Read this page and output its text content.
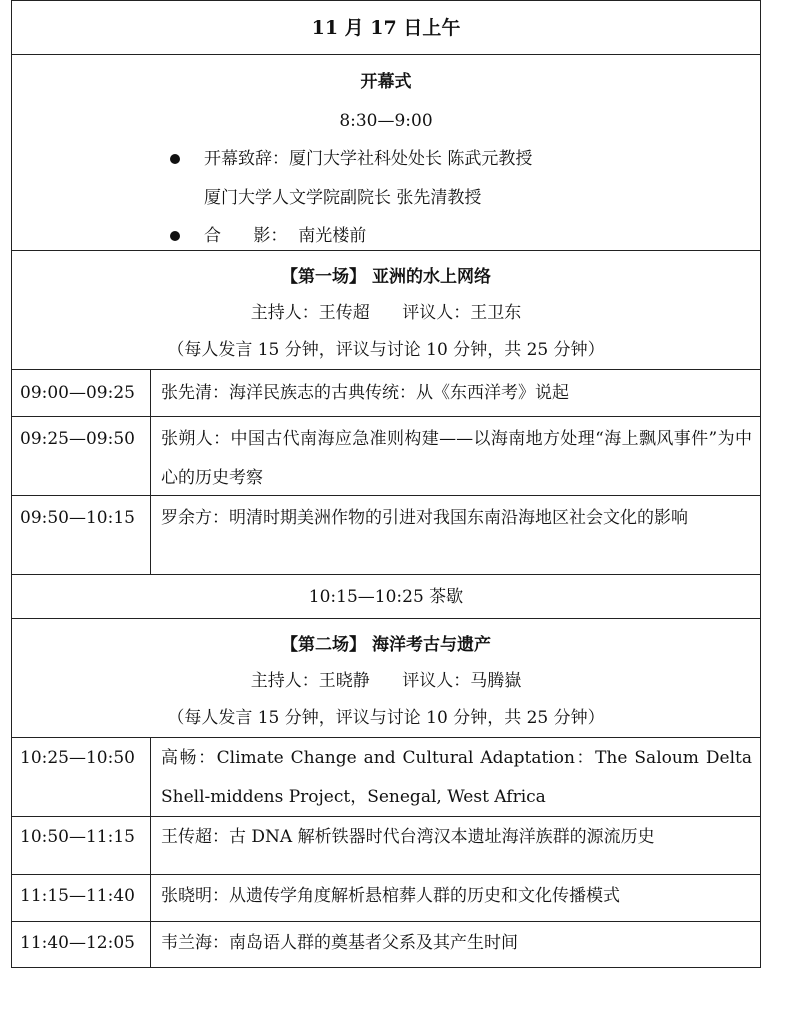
11 月 17 日上午
开幕式
8:30—9:00
开幕致辞：厦门大学社科处处长 陈武元教授
厦门大学人文学院副院长 张先清教授
合      影：  南光楼前
【第一场】 亚洲的水上网络
主持人：王传超      评议人：王卫东
（每人发言 15 分钟，评议与讨论 10 分钟，共 25 分钟）
09:00—09:25	张先清：海洋民族志的古典传统：从《东西洋考》说起
09:25—09:50	张朔人：中国古代南海应急准则构建——以海南地方处理“海上飘风事件”为中心的历史考察
09:50—10:15	罗余方：明清时期美洲作物的引进对我国东南沿海地区社会文化的影响
10:15—10:25 茶歇
【第二场】 海洋考古与遗产
主持人：王晓静      评议人：马腾嶽
（每人发言 15 分钟，评议与讨论 10 分钟，共 25 分钟）
10:25—10:50	高畅：Climate Change and Cultural Adaptation：The Saloum Delta Shell-middens Project，Senegal, West Africa
10:50—11:15	王传超：古 DNA 解析铁器时代台湾汉本遗址海洋族群的源流历史
11:15—11:40	张晓明：从遗传学角度解析悬棺葬人群的历史和文化传播模式
11:40—12:05	韦兰海：南岛语人群的奠基者父系及其产生时间
